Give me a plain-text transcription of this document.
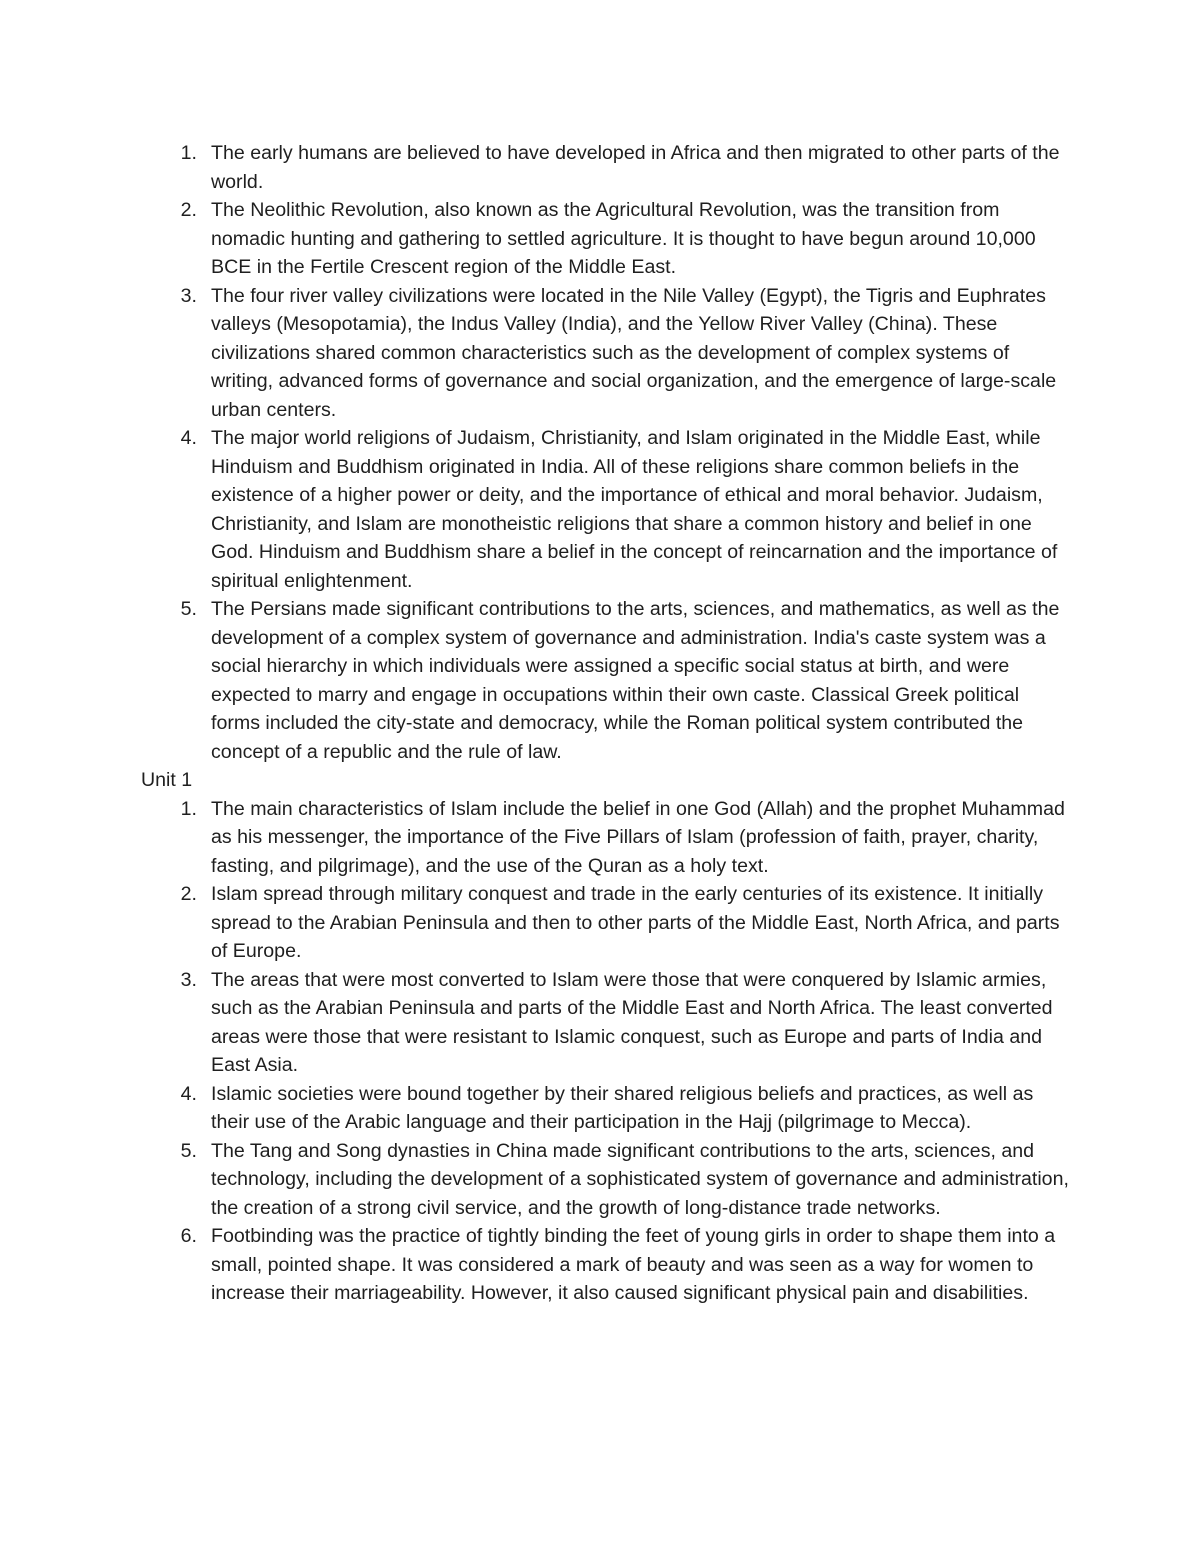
1. The early humans are believed to have developed in Africa and then migrated to other parts of the world.
2. The Neolithic Revolution, also known as the Agricultural Revolution, was the transition from nomadic hunting and gathering to settled agriculture. It is thought to have begun around 10,000 BCE in the Fertile Crescent region of the Middle East.
3. The four river valley civilizations were located in the Nile Valley (Egypt), the Tigris and Euphrates valleys (Mesopotamia), the Indus Valley (India), and the Yellow River Valley (China). These civilizations shared common characteristics such as the development of complex systems of writing, advanced forms of governance and social organization, and the emergence of large-scale urban centers.
4. The major world religions of Judaism, Christianity, and Islam originated in the Middle East, while Hinduism and Buddhism originated in India. All of these religions share common beliefs in the existence of a higher power or deity, and the importance of ethical and moral behavior. Judaism, Christianity, and Islam are monotheistic religions that share a common history and belief in one God. Hinduism and Buddhism share a belief in the concept of reincarnation and the importance of spiritual enlightenment.
5. The Persians made significant contributions to the arts, sciences, and mathematics, as well as the development of a complex system of governance and administration. India's caste system was a social hierarchy in which individuals were assigned a specific social status at birth, and were expected to marry and engage in occupations within their own caste. Classical Greek political forms included the city-state and democracy, while the Roman political system contributed the concept of a republic and the rule of law.
Unit 1
1. The main characteristics of Islam include the belief in one God (Allah) and the prophet Muhammad as his messenger, the importance of the Five Pillars of Islam (profession of faith, prayer, charity, fasting, and pilgrimage), and the use of the Quran as a holy text.
2. Islam spread through military conquest and trade in the early centuries of its existence. It initially spread to the Arabian Peninsula and then to other parts of the Middle East, North Africa, and parts of Europe.
3. The areas that were most converted to Islam were those that were conquered by Islamic armies, such as the Arabian Peninsula and parts of the Middle East and North Africa. The least converted areas were those that were resistant to Islamic conquest, such as Europe and parts of India and East Asia.
4. Islamic societies were bound together by their shared religious beliefs and practices, as well as their use of the Arabic language and their participation in the Hajj (pilgrimage to Mecca).
5. The Tang and Song dynasties in China made significant contributions to the arts, sciences, and technology, including the development of a sophisticated system of governance and administration, the creation of a strong civil service, and the growth of long-distance trade networks.
6. Footbinding was the practice of tightly binding the feet of young girls in order to shape them into a small, pointed shape. It was considered a mark of beauty and was seen as a way for women to increase their marriageability. However, it also caused significant physical pain and disabilities.
